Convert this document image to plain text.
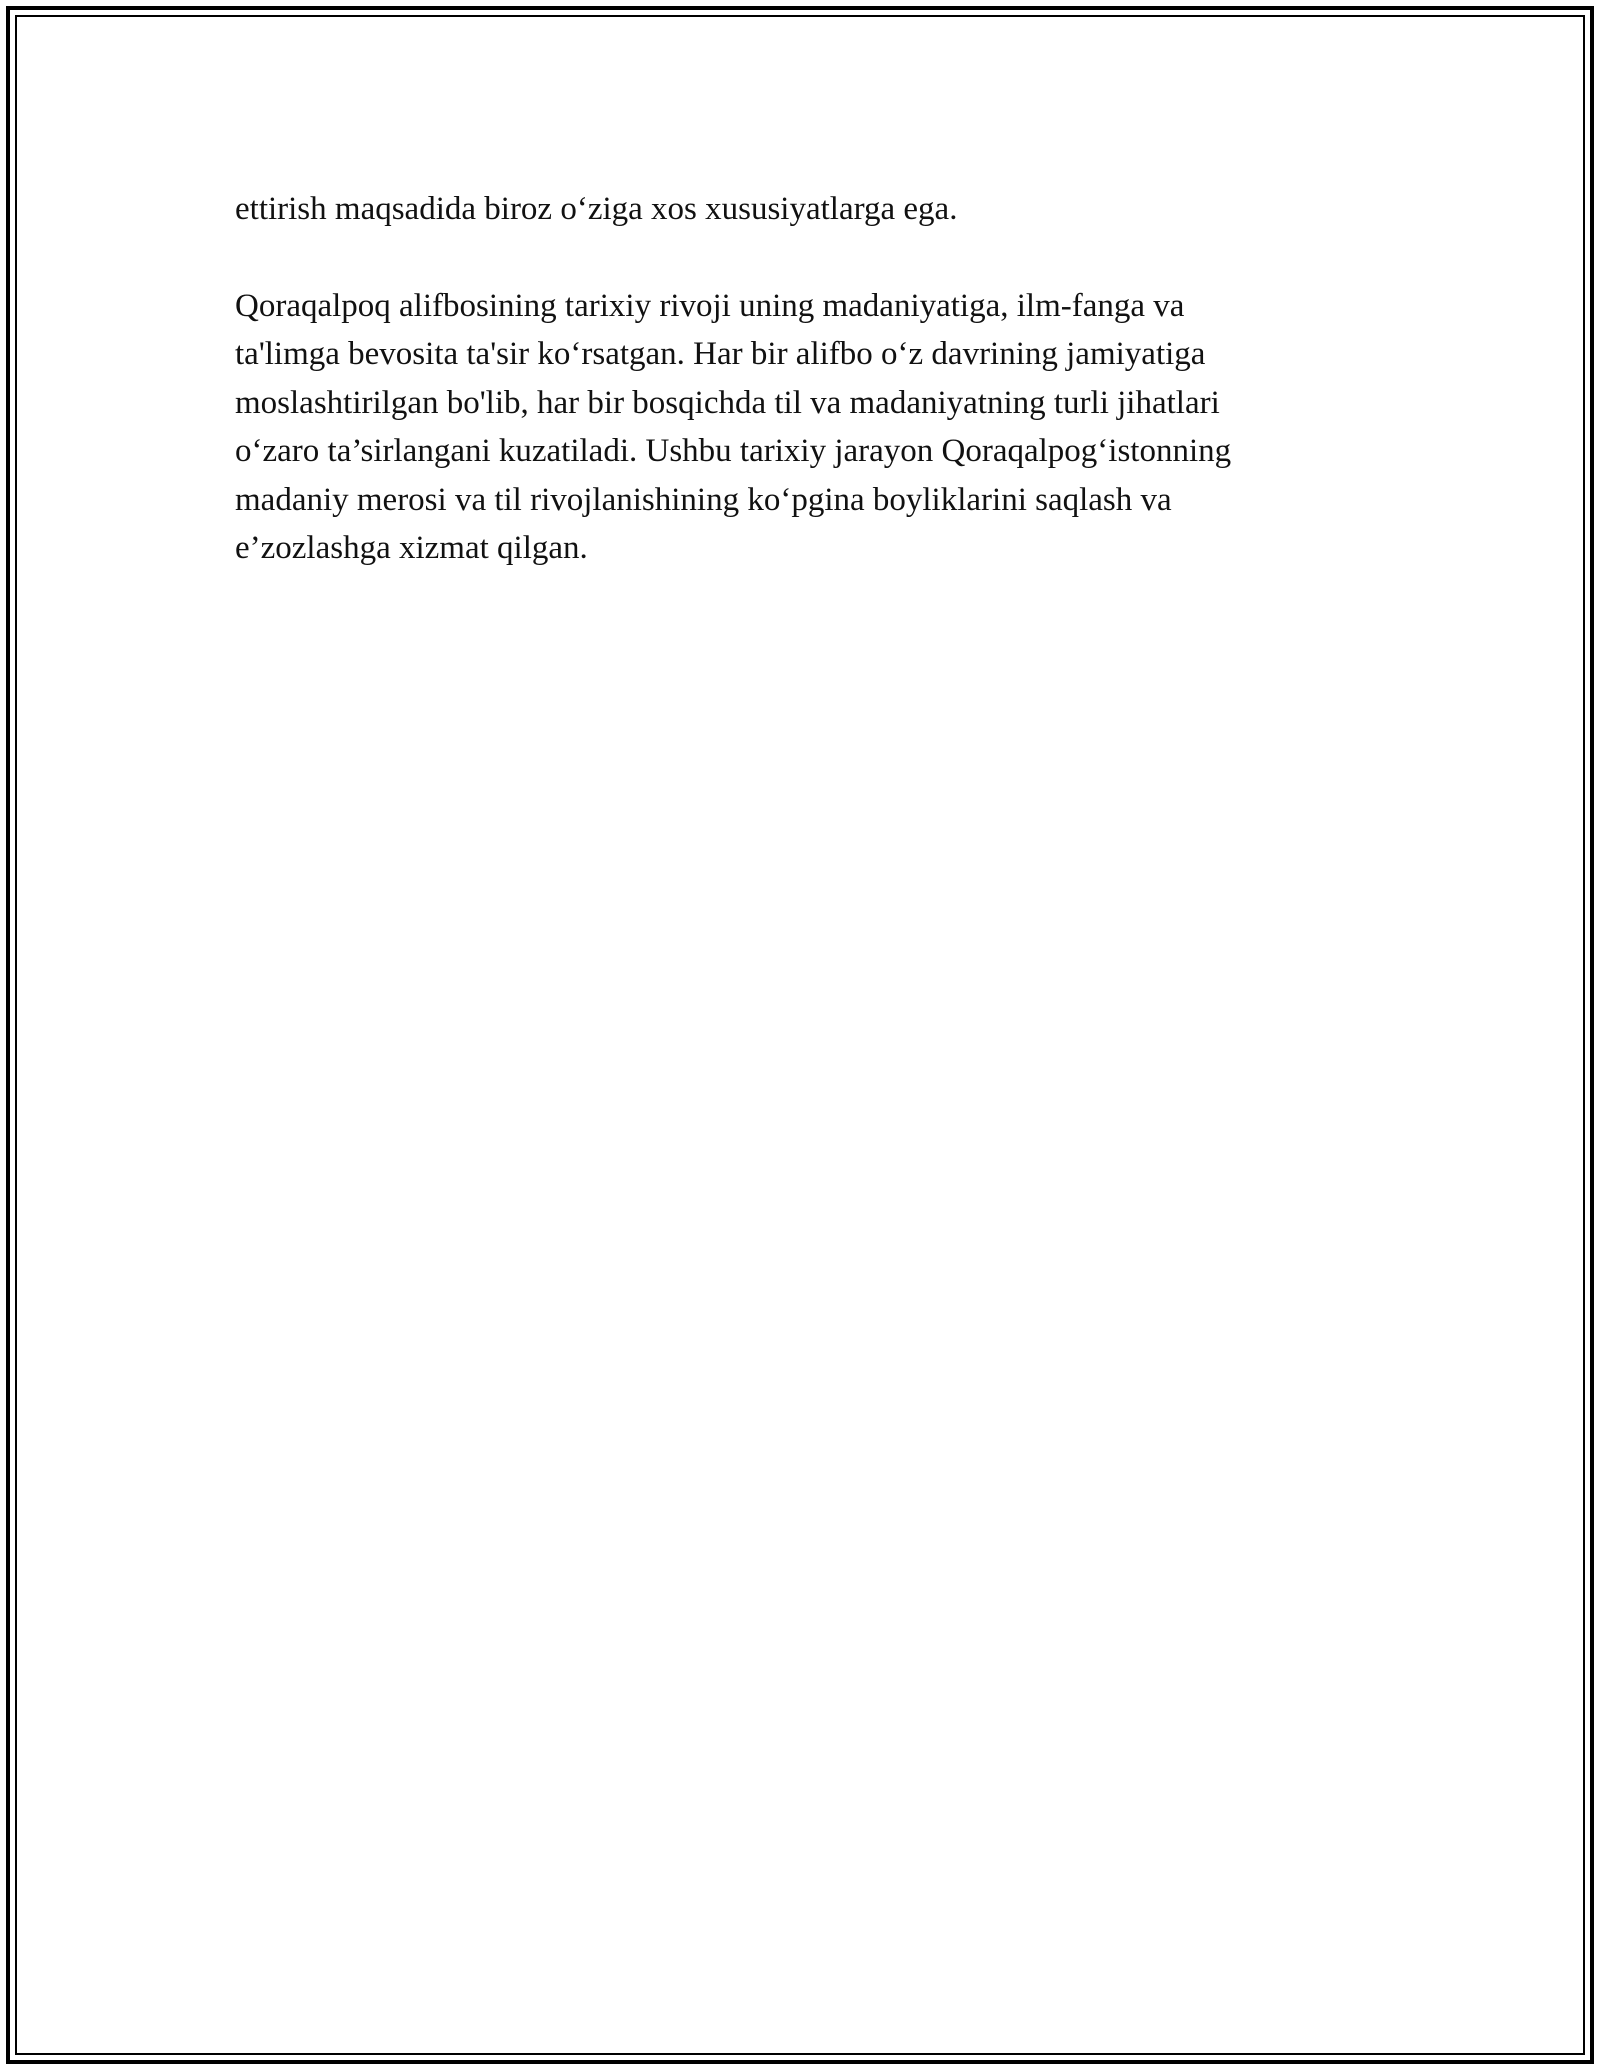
ettirish maqsadida biroz o‘ziga xos xususiyatlarga ega.
Qoraqalpoq alifbosining tarixiy rivoji uning madaniyatiga, ilm-fanga va
ta'limga bevosita ta'sir ko‘rsatgan. Har bir alifbo o‘z davrining jamiyatiga
moslashtirilgan bo'lib, har bir bosqichda til va madaniyatning turli jihatlari
o‘zaro ta’sirlangani kuzatiladi. Ushbu tarixiy jarayon Qoraqalpog‘istonning
madaniy merosi va til rivojlanishining ko‘pgina boyliklarini saqlash va
e’zozlashga xizmat qilgan.
